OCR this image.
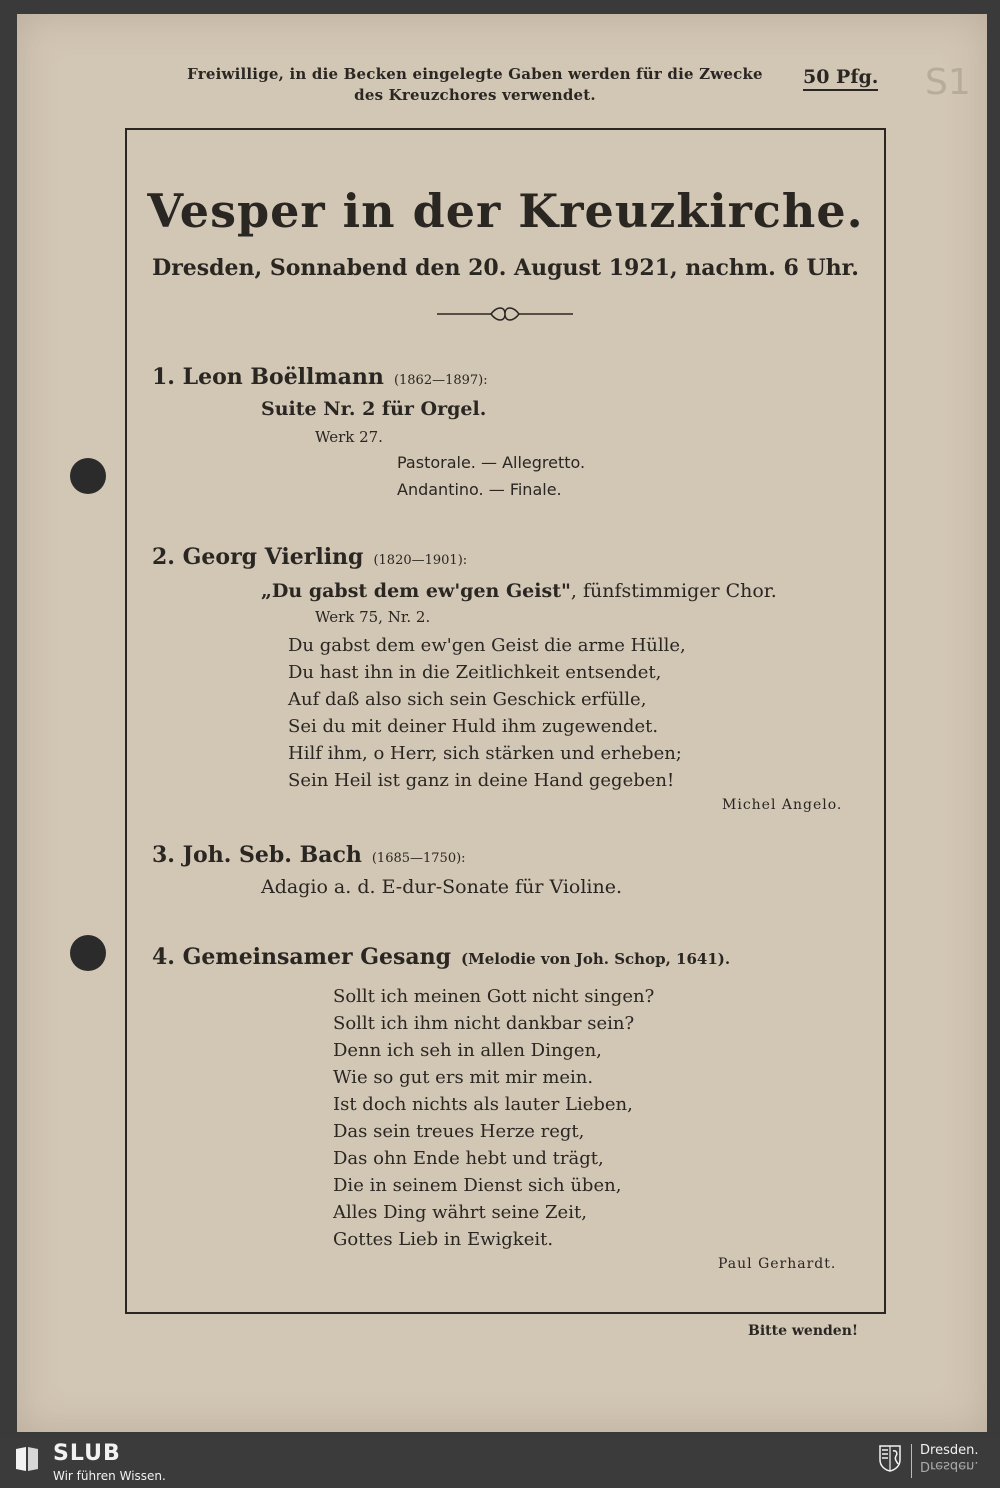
Freiwillige, in die Becken eingelegte Gaben werden für die Zwecke
des Kreuzchores verwendet.
50 Pfg. S1
Vesper in der Kreuzkirche.
Dresden, Sonnabend den 20. August 1921, nachm. 6 Uhr.
1. Leon Boëllmann (1862—1897):
Suite Nr. 2 für Orgel.
Werk 27.
Pastorale. — Allegretto.
Andantino. — Finale.
2. Georg Vierling (1820—1901):
„Du gabst dem ew'gen Geist", fünfstimmiger Chor.
Werk 75, Nr. 2.
Du gabst dem ew'gen Geist die arme Hülle,
Du hast ihn in die Zeitlichkeit entsendet,
Auf daß also sich sein Geschick erfülle,
Sei du mit deiner Huld ihm zugewendet.
Hilf ihm, o Herr, sich stärken und erheben;
Sein Heil ist ganz in deine Hand gegeben!
Michel Angelo.
3. Joh. Seb. Bach (1685—1750):
Adagio a. d. E-dur-Sonate für Violine.
4. Gemeinsamer Gesang (Melodie von Joh. Schop, 1641).
Sollt ich meinen Gott nicht singen?
Sollt ich ihm nicht dankbar sein?
Denn ich seh in allen Dingen,
Wie so gut ers mit mir mein.
Ist doch nichts als lauter Lieben,
Das sein treues Herze regt,
Das ohn Ende hebt und trägt,
Die in seinem Dienst sich üben,
Alles Ding währt seine Zeit,
Gottes Lieb in Ewigkeit.
Paul Gerhardt.
Bitte wenden!
SLUB
Wir führen Wissen.
Dresden.
Dresden.
